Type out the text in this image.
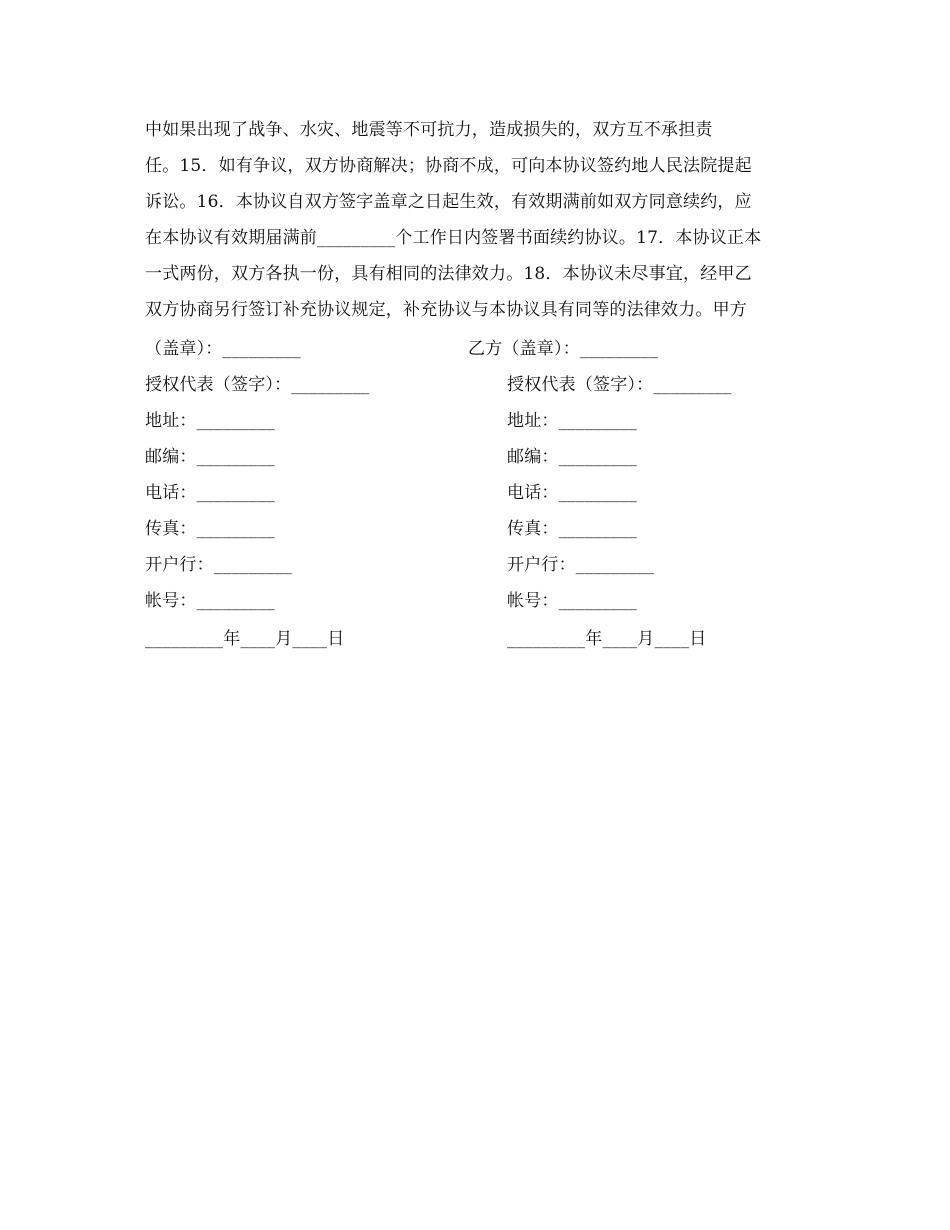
中如果出现了战争、水灾、地震等不可抗力，造成损失的，双方互不承担责
任。15．如有争议，双方协商解决；协商不成，可向本协议签约地人民法院提起
诉讼。16．本协议自双方签字盖章之日起生效，有效期满前如双方同意续约，应
在本协议有效期届满前_________个工作日内签署书面续约协议。17．本协议正本
一式两份，双方各执一份，具有相同的法律效力。18．本协议未尽事宜，经甲乙
双方协商另行签订补充协议规定，补充协议与本协议具有同等的法律效力。甲方
（盖章）：_________	乙方（盖章）：_________
授权代表（签字）：_________
地址：_________
邮编：_________
电话：_________
传真：_________
开户行：_________
帐号：_________
_________年____月____日
授权代表（签字）：_________
地址：_________
邮编：_________
电话：_________
传真：_________
开户行：_________
帐号：_________
_________年____月____日
